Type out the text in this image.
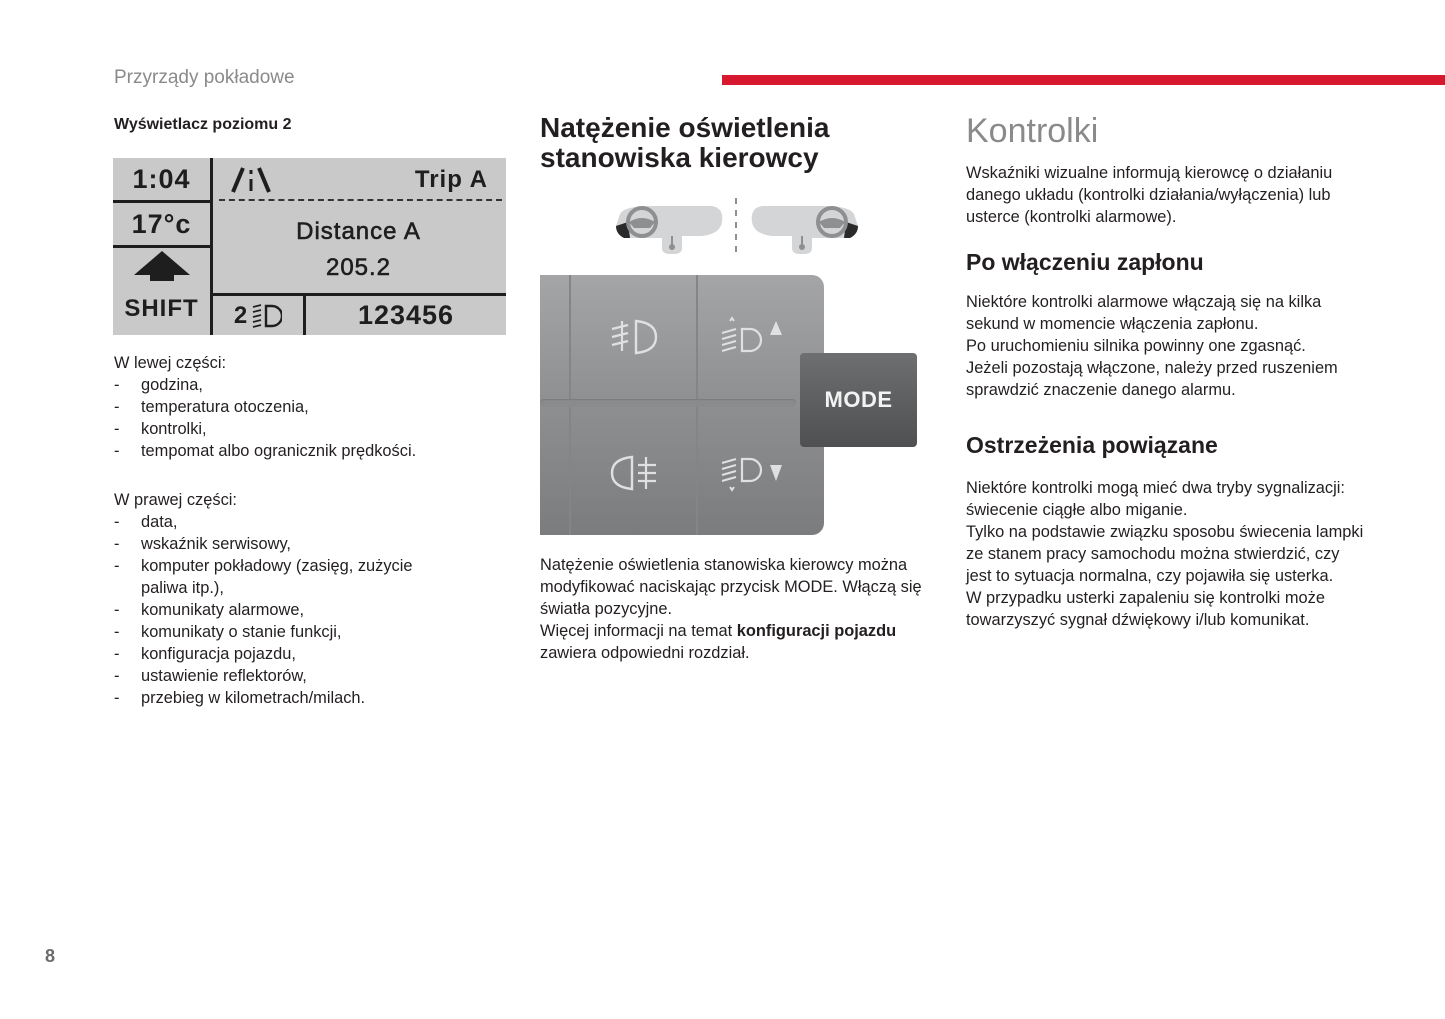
Przyrządy pokładowe
Wyświetlacz poziomu 2
1:04
17°c
SHIFT
Trip A
Distance A
205.2
2	123456

W lewej części:

- godzina,
- temperatura otoczenia,
- kontrolki,
- tempomat albo ogranicznik prędkości.

W prawej części:

- data,
- wskaźnik serwisowy,
- komputer pokładowy (zasięg, zużycie paliwa itp.),
- komunikaty alarmowe,
- komunikaty o stanie funkcji,
- konfiguracja pojazdu,
- ustawienie reflektorów,
- przebieg w kilometrach/milach.
Natężenie oświetlenia
stanowiska kierowcy
MODE

Natężenie oświetlenia stanowiska kierowcy można modyfikować naciskając przycisk MODE. Włączą się światła pozycyjne.

Więcej informacji na temat konfiguracji pojazdu zawiera odpowiedni rozdział.

Kontrolki
Wskaźniki wizualne informują kierowcę o działaniu danego układu (kontrolki działania/wyłączenia) lub usterce (kontrolki alarmowe).
Po włączeniu zapłonu

Niektóre kontrolki alarmowe włączają się na kilka sekund w momencie włączenia zapłonu.

Po uruchomieniu silnika powinny one zgasnąć.

Jeżeli pozostają włączone, należy przed ruszeniem sprawdzić znaczenie danego alarmu.

Ostrzeżenia powiązane

Niektóre kontrolki mogą mieć dwa tryby sygnalizacji: świecenie ciągłe albo miganie.

Tylko na podstawie związku sposobu świecenia lampki ze stanem pracy samochodu można stwierdzić, czy jest to sytuacja normalna, czy pojawiła się usterka.

W przypadku usterki zapaleniu się kontrolki może towarzyszyć sygnał dźwiękowy i/lub komunikat.

8
